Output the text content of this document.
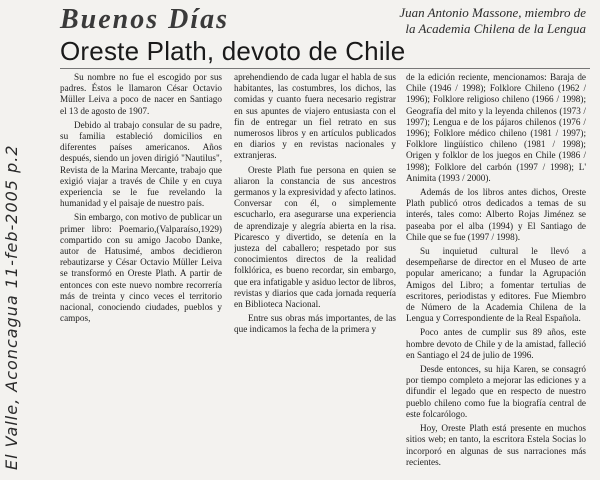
El Valle, Aconcagua 11-feb-2005 p.2
Buenos Días	Juan Antonio Massone, miembro de
la Academia Chilena de la Lengua
Oreste Plath, devoto de Chile

Su nombre no fue el escogido por sus padres. Éstos le llamaron César Octavio Müller Leiva a poco de nacer en Santiago el 13 de agosto de 1907.

Debido al trabajo consular de su padre, su familia estableció domicilios en diferentes países americanos. Años después, siendo un joven dirigió "Nautilus", Revista de la Marina Mercante, trabajo que exigió viajar a través de Chile y en cuya experiencia se le fue revelando la humanidad y el paisaje de nuestro país.

Sin embargo, con motivo de publicar un primer libro: Poemario,(Valparaíso,1929) compartido con su amigo Jacobo Danke, autor de Hatusimé, ambos decidieron rebautizarse y César Octavio Müller Leiva se transformó en Oreste Plath. A partir de entonces con este nuevo nombre recorrería más de treinta y cinco veces el territorio nacional, conociendo ciudades, pueblos y campos,

aprehendiendo de cada lugar el habla de sus habitantes, las costumbres, los dichos, las comidas y cuanto fuera necesario registrar en sus apuntes de viajero entusiasta con el fin de entregar un fiel retrato en sus numerosos libros y en artículos publicados en diarios y en revistas nacionales y extranjeras.

Oreste Plath fue persona en quien se aliaron la constancia de sus ancestros germanos y la expresividad y afecto latinos. Conversar con él, o simplemente escucharlo, era asegurarse una experiencia de aprendizaje y alegría abierta en la risa. Picaresco y divertido, se detenía en la justeza del caballero; respetado por sus conocimientos directos de la realidad folklórica, es bueno recordar, sin embargo, que era infatigable y asiduo lector de libros, revistas y diarios que cada jornada requería en Biblioteca Nacional.

Entre sus obras más importantes, de las que indicamos la fecha de la primera y

de la edición reciente, mencionamos: Baraja de Chile (1946 / 1998); Folklore Chileno (1962 / 1996); Folklore religioso chileno (1966 / 1998); Geografía del mito y la leyenda chilenos (1973 / 1997); Lengua e de los pájaros chilenos (1976 / 1996); Folklore médico chileno (1981 / 1997); Folklore lingüístico chileno (1981 / 1998); Origen y folklor de los juegos en Chile (1986 / 1998); Folklore del carbón (1997 / 1998); L' Animita (1993 / 2000).

Además de los libros antes dichos, Oreste Plath publicó otros dedicados a temas de su interés, tales como: Alberto Rojas Jiménez se paseaba por el alba (1994) y El Santiago de Chile que se fue (1997 / 1998).

Su inquietud cultural le llevó a desempeñarse de director en el Museo de arte popular americano; a fundar la Agrupación Amigos del Libro; a fomentar tertulias de escritores, periodistas y editores. Fue Miembro de Número de la Academia Chilena de la Lengua y Correspondiente de la Real Española.

Poco antes de cumplir sus 89 años, este hombre devoto de Chile y de la amistad, falleció en Santiago el 24 de julio de 1996.

Desde entonces, su hija Karen, se consagró por tiempo completo a mejorar las ediciones y a difundir el legado que en respecto de nuestro pueblo chileno como fue la biografía central de este folcarólogo.

Hoy, Oreste Plath está presente en muchos sitios web; en tanto, la escritora Estela Socias lo incorporó en algunas de sus narraciones más recientes.
